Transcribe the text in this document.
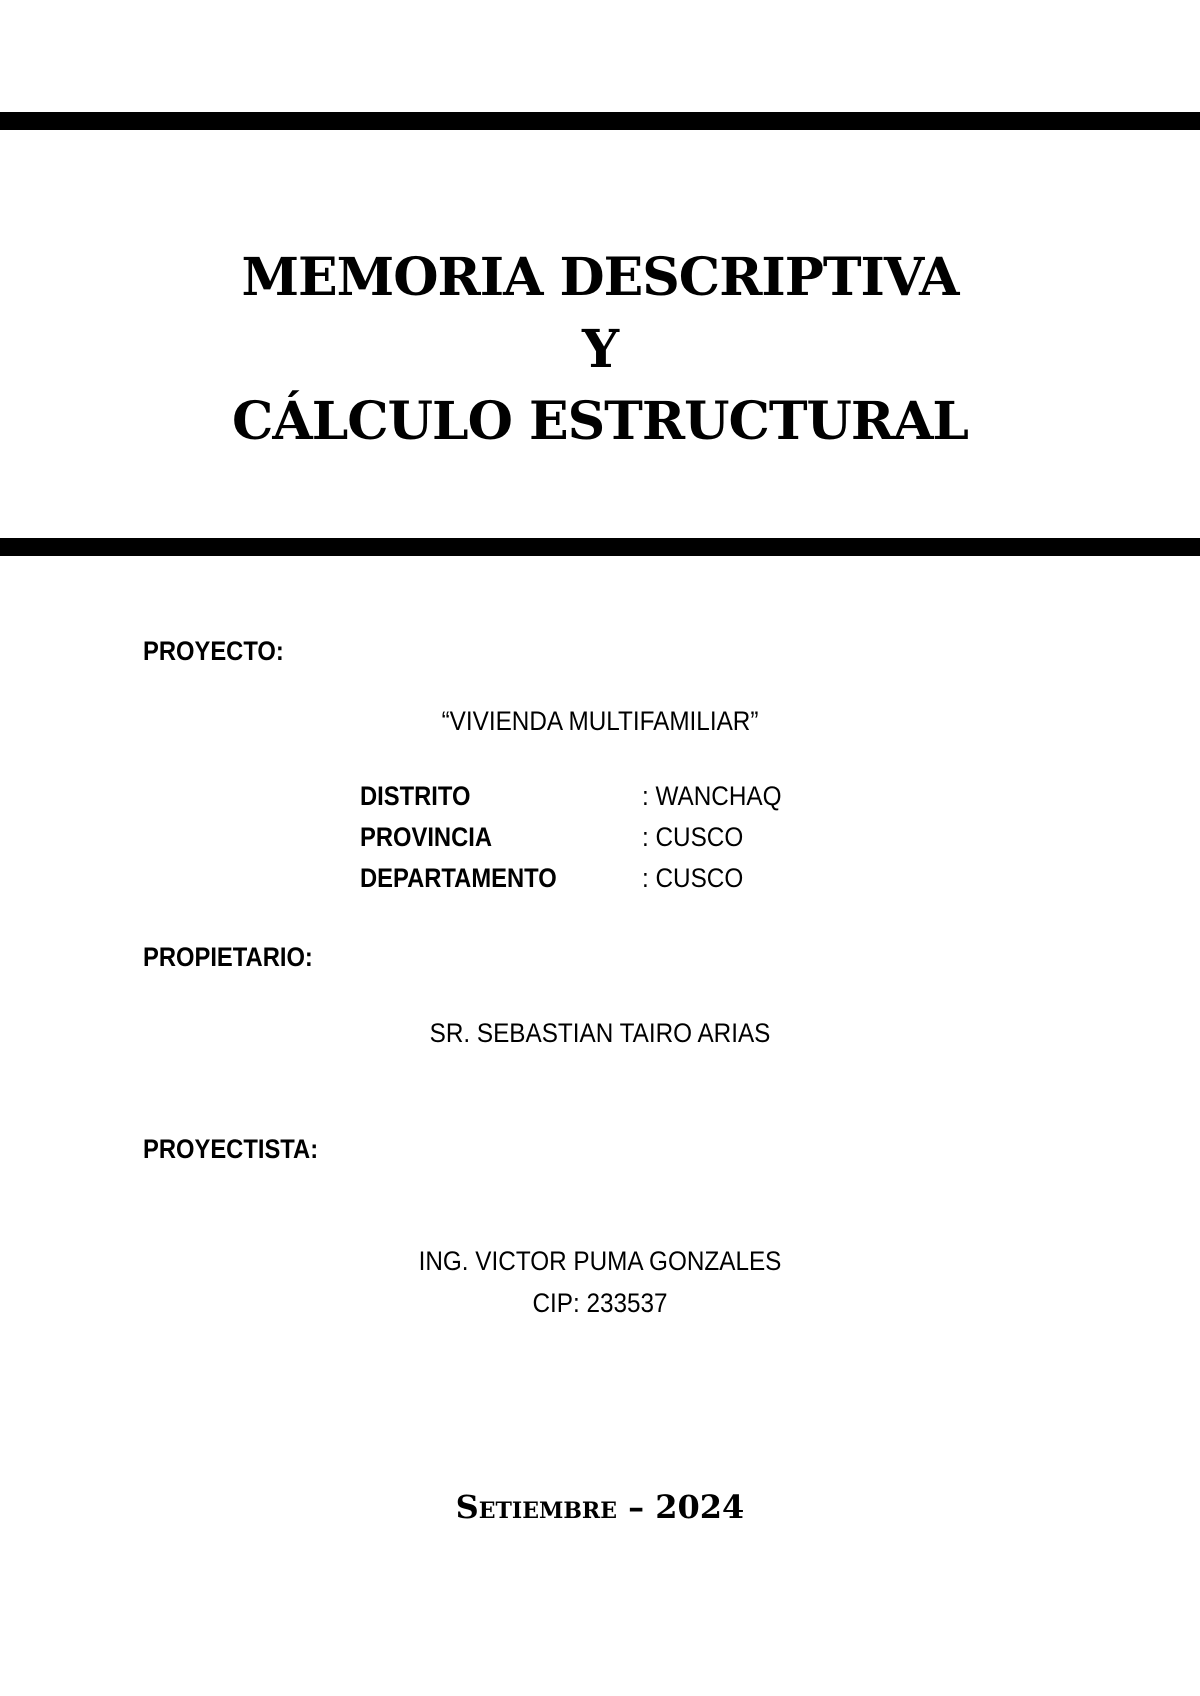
MEMORIA DESCRIPTIVA
Y
CÁLCULO ESTRUCTURAL
PROYECTO:
“VIVIENDA MULTIFAMILIAR”
DISTRITO	: WANCHAQ
PROVINCIA	: CUSCO
DEPARTAMENTO	: CUSCO
PROPIETARIO:
SR. SEBASTIAN TAIRO ARIAS
PROYECTISTA:
ING. VICTOR PUMA GONZALES
CIP: 233537
Setiembre – 2024
